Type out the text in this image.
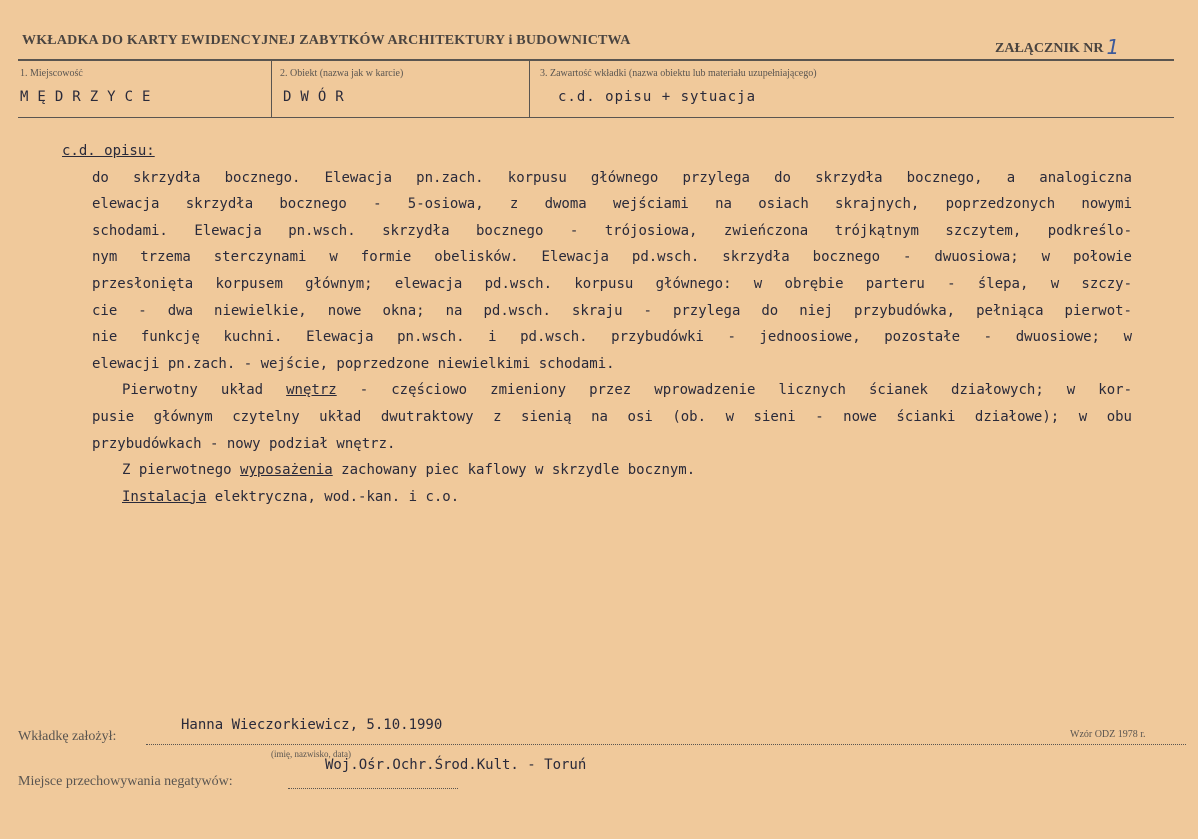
WKŁADKA DO KARTY EWIDENCYJNEJ ZABYTKÓW ARCHITEKTURY i BUDOWNICTWA
ZAŁĄCZNIK NR 1
1. Miejscowość
MĘDRZYCE
2. Obiekt (nazwa jak w karcie)
DWÓR
3. Zawartość wkładki (nazwa obiektu lub materiału uzupełniającego)
c.d. opisu + sytuacja
c.d. opisu:
do skrzydła bocznego. Elewacja pn.zach. korpusu głównego przylega do skrzydła bocznego, a analogiczna
elewacja skrzydła bocznego - 5-osiowa, z dwoma wejściami na osiach skrajnych, poprzedzonych nowymi
schodami. Elewacja pn.wsch. skrzydła bocznego - trójosiowa, zwieńczona trójkątnym szczytem, podkreślo-
nym trzema sterczynami w formie obelisków. Elewacja pd.wsch. skrzydła bocznego - dwuosiowa; w połowie
przesłonięta korpusem głównym; elewacja pd.wsch. korpusu głównego: w obrębie parteru - ślepa, w szczy-
cie - dwa niewielkie, nowe okna; na pd.wsch. skraju - przylega do niej przybudówka, pełniąca pierwot-
nie funkcję kuchni. Elewacja pn.wsch. i pd.wsch. przybudówki - jednoosiowe, pozostałe - dwuosiowe; w
elewacji pn.zach. - wejście, poprzedzone niewielkimi schodami.
Pierwotny układ wnętrz - częściowo zmieniony przez wprowadzenie licznych ścianek działowych; w kor-
pusie głównym czytelny układ dwutraktowy z sienią na osi (ob. w sieni - nowe ścianki działowe); w obu
przybudówkach - nowy podział wnętrz.
Z pierwotnego wyposażenia zachowany piec kaflowy w skrzydle bocznym.
Instalacja elektryczna, wod.-kan. i c.o.
Wkładkę założył:
Hanna Wieczorkiewicz, 5.10.1990
(imię, nazwisko, data)
Wzór ODZ 1978 r.
Miejsce przechowywania negatywów:
Woj.Ośr.Ochr.Środ.Kult. - Toruń
